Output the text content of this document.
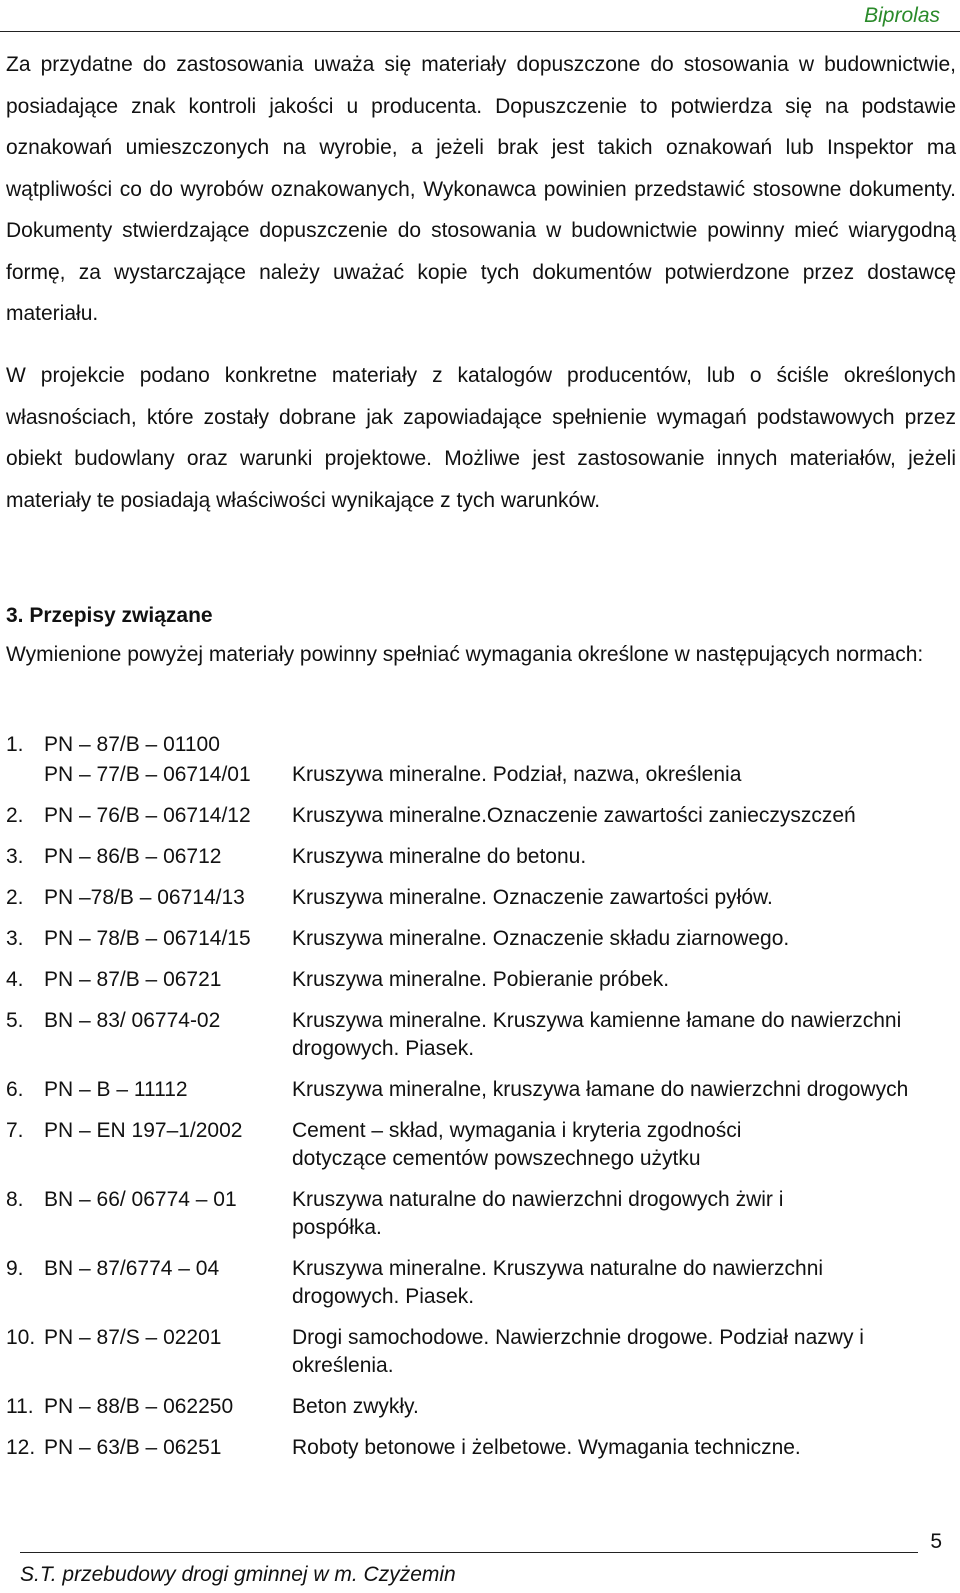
Biprolas

Za przydatne do zastosowania uważa się materiały dopuszczone do stosowania w budownictwie, posiadające znak kontroli jakości u producenta. Dopuszczenie to potwierdza się na podstawie oznakowań umieszczonych na wyrobie, a jeżeli brak jest takich oznakowań lub Inspektor ma wątpliwości co do wyrobów oznakowanych, Wykonawca powinien przedstawić stosowne dokumenty. Dokumenty stwierdzające dopuszczenie do stosowania w budownictwie powinny mieć wiarygodną formę, za wystarczające należy uważać kopie tych dokumentów potwierdzone przez dostawcę materiału.

W projekcie podano konkretne materiały z katalogów producentów, lub o ściśle określonych własnościach, które zostały dobrane jak zapowiadające spełnienie wymagań podstawowych przez obiekt budowlany oraz warunki projektowe. Możliwe jest zastosowanie innych materiałów, jeżeli materiały te posiadają właściwości wynikające z tych warunków.

3. Przepisy związane

Wymienione powyżej materiały powinny spełniać wymagania określone w następujących normach:

1. PN – 87/B – 01100
PN – 77/B – 06714/01	Kruszywa mineralne. Podział, nazwa, określenia
2. PN – 76/B – 06714/12	Kruszywa mineralne.Oznaczenie zawartości zanieczyszczeń
3. PN – 86/B – 06712	Kruszywa mineralne do betonu.
2. PN –78/B – 06714/13	Kruszywa mineralne. Oznaczenie zawartości pyłów.
3. PN – 78/B – 06714/15	Kruszywa mineralne. Oznaczenie składu ziarnowego.
4. PN – 87/B – 06721	Kruszywa mineralne. Pobieranie próbek.
5. BN – 83/ 06774-02	Kruszywa mineralne. Kruszywa kamienne łamane do nawierzchni drogowych. Piasek.
6. PN – B – 11112	Kruszywa mineralne, kruszywa łamane do nawierzchni drogowych
7. PN – EN 197–1/2002	Cement – skład, wymagania i kryteria zgodności dotyczące cementów powszechnego użytku
8. BN – 66/ 06774 – 01	Kruszywa naturalne do nawierzchni drogowych żwir i pospółka.
9. BN – 87/6774 – 04	Kruszywa mineralne. Kruszywa naturalne do nawierzchni drogowych. Piasek.
10. PN – 87/S – 02201	Drogi samochodowe. Nawierzchnie drogowe. Podział nazwy i określenia.
11. PN – 88/B – 062250	Beton zwykły.
12. PN – 63/B – 06251	Roboty betonowe i żelbetowe. Wymagania techniczne.
5
S.T. przebudowy drogi gminnej w m. Czyżemin
